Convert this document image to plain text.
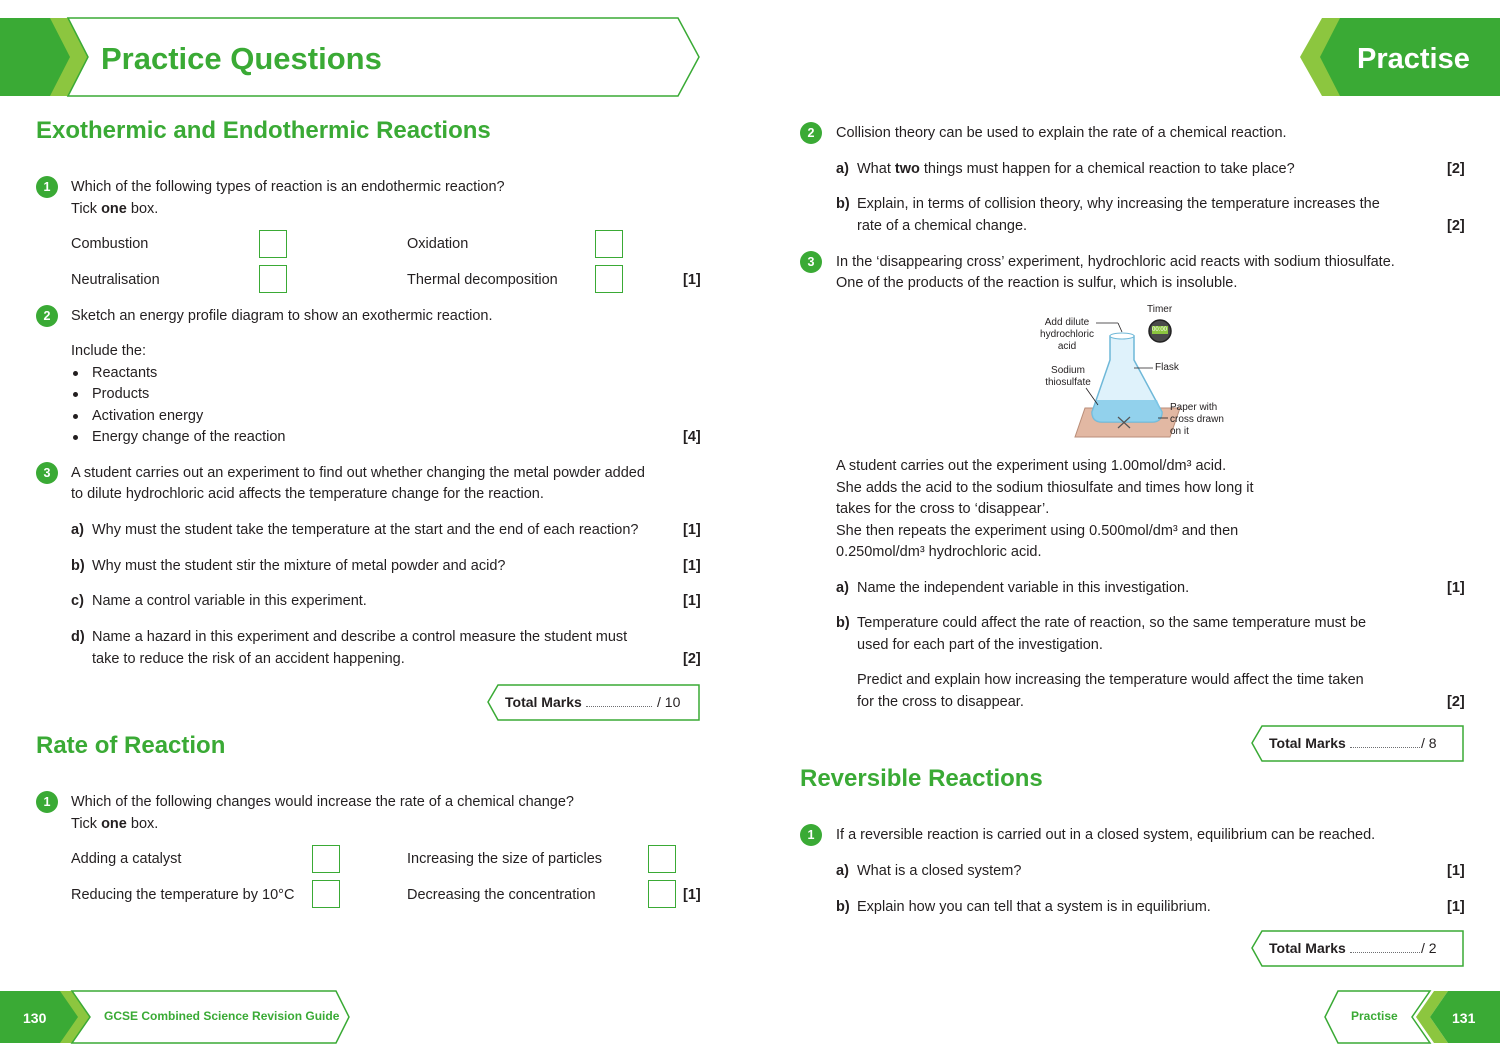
Practice Questions	Practise
Exothermic and Endothermic Reactions
1	Which of the following types of reaction is an endothermic reaction?
Tick one box.
Combustion	Oxidation
Neutralisation	Thermal decomposition	[1]
2	Sketch an energy profile diagram to show an exothermic reaction.
Include the:
Reactants
Products
Activation energy
Energy change of the reaction	[4]
3	A student carries out an experiment to find out whether changing the metal powder added
to dilute hydrochloric acid affects the temperature change for the reaction.
a) Why must the student take the temperature at the start and the end of each reaction?	[1]
b) Why must the student stir the mixture of metal powder and acid?	[1]
c) Name a control variable in this experiment.	[1]
d) Name a hazard in this experiment and describe a control measure the student must
take to reduce the risk of an accident happening.	[2]
Total Marks	/ 10
Rate of Reaction
1	Which of the following changes would increase the rate of a chemical change?
Tick one box.
Adding a catalyst	Increasing the size of particles
Reducing the temperature by 10°C	Decreasing the concentration	[1]
2	Collision theory can be used to explain the rate of a chemical reaction.
a) What two things must happen for a chemical reaction to take place?	[2]
b) Explain, in terms of collision theory, why increasing the temperature increases the
rate of a chemical change.	[2]
3	In the ‘disappearing cross’ experiment, hydrochloric acid reacts with sodium thiosulfate.
One of the products of the reaction is sulfur, which is insoluble.
Timer
00:00
Add dilute
hydrochloric
acid
Flask
Sodium
thiosulfate
Paper with
cross drawn
on it
A student carries out the experiment using 1.00mol/dm³ acid.
She adds the acid to the sodium thiosulfate and times how long it
takes for the cross to ‘disappear’.
She then repeats the experiment using 0.500mol/dm³ and then
0.250mol/dm³ hydrochloric acid.
a) Name the independent variable in this investigation.	[1]
b) Temperature could affect the rate of reaction, so the same temperature must be
used for each part of the investigation.
Predict and explain how increasing the temperature would affect the time taken
for the cross to disappear.	[2]
Total Marks	/ 8
Reversible Reactions
1	If a reversible reaction is carried out in a closed system, equilibrium can be reached.
a) What is a closed system?	[1]
b) Explain how you can tell that a system is in equilibrium.	[1]
Total Marks	/ 2
130	GCSE Combined Science Revision Guide	Practise	131
